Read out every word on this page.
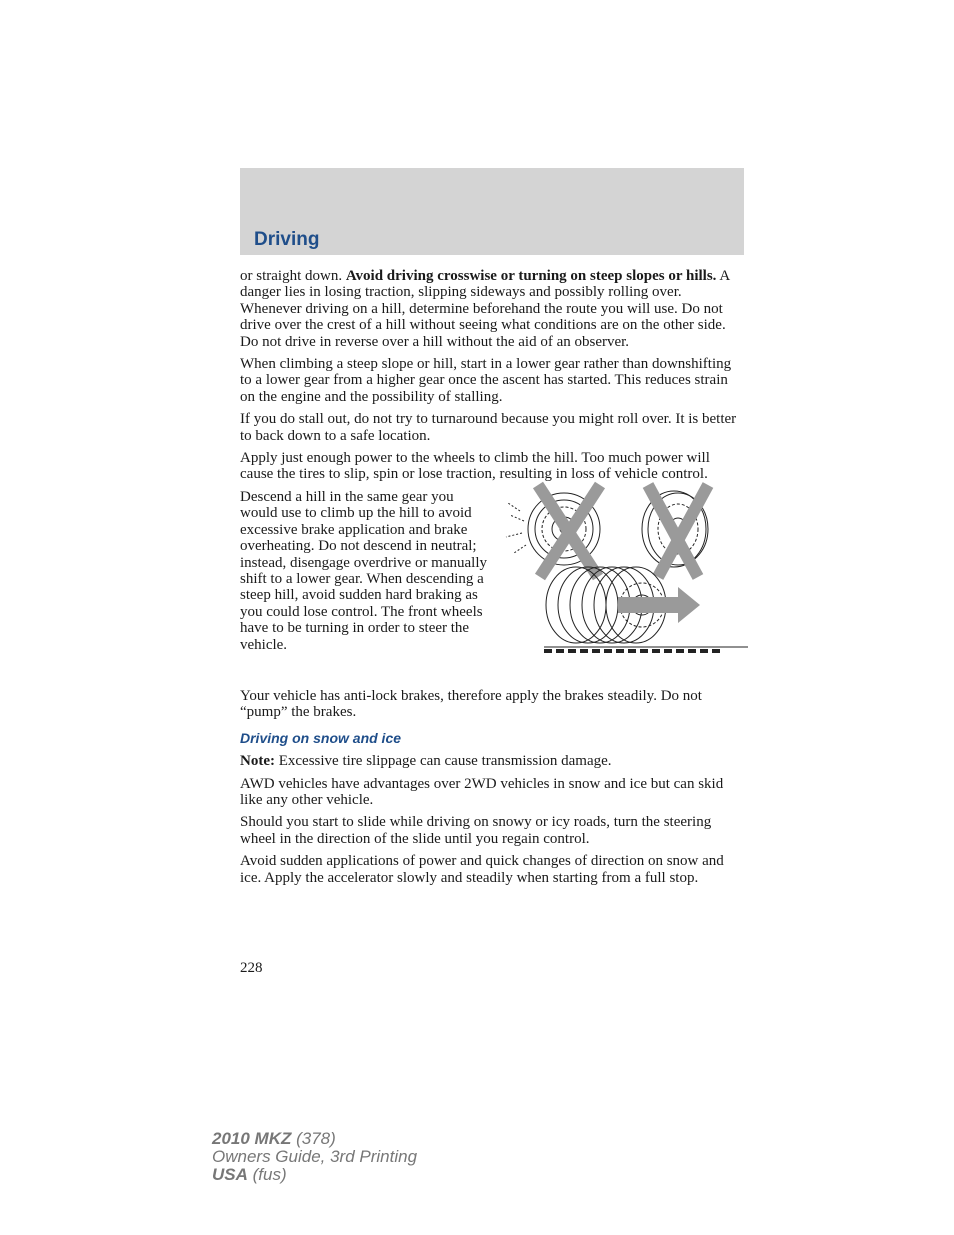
Driving

or straight down. Avoid driving crosswise or turning on steep slopes or hills. A danger lies in losing traction, slipping sideways and possibly rolling over. Whenever driving on a hill, determine beforehand the route you will use. Do not drive over the crest of a hill without seeing what conditions are on the other side. Do not drive in reverse over a hill without the aid of an observer.

When climbing a steep slope or hill, start in a lower gear rather than downshifting to a lower gear from a higher gear once the ascent has started. This reduces strain on the engine and the possibility of stalling.

If you do stall out, do not try to turnaround because you might roll over. It is better to back down to a safe location.

Apply just enough power to the wheels to climb the hill. Too much power will cause the tires to slip, spin or lose traction, resulting in loss of vehicle control.

Descend a hill in the same gear you would use to climb up the hill to avoid excessive brake application and brake overheating. Do not descend in neutral; instead, disengage overdrive or manually shift to a lower gear. When descending a steep hill, avoid sudden hard braking as you could lose control. The front wheels have to be turning in order to steer the vehicle.

Your vehicle has anti-lock brakes, therefore apply the brakes steadily. Do not “pump” the brakes.

Driving on snow and ice

Note: Excessive tire slippage can cause transmission damage.

AWD vehicles have advantages over 2WD vehicles in snow and ice but can skid like any other vehicle.

Should you start to slide while driving on snowy or icy roads, turn the steering wheel in the direction of the slide until you regain control.

Avoid sudden applications of power and quick changes of direction on snow and ice. Apply the accelerator slowly and steadily when starting from a full stop.

228
2010 MKZ (378)
Owners Guide, 3rd Printing
USA (fus)
